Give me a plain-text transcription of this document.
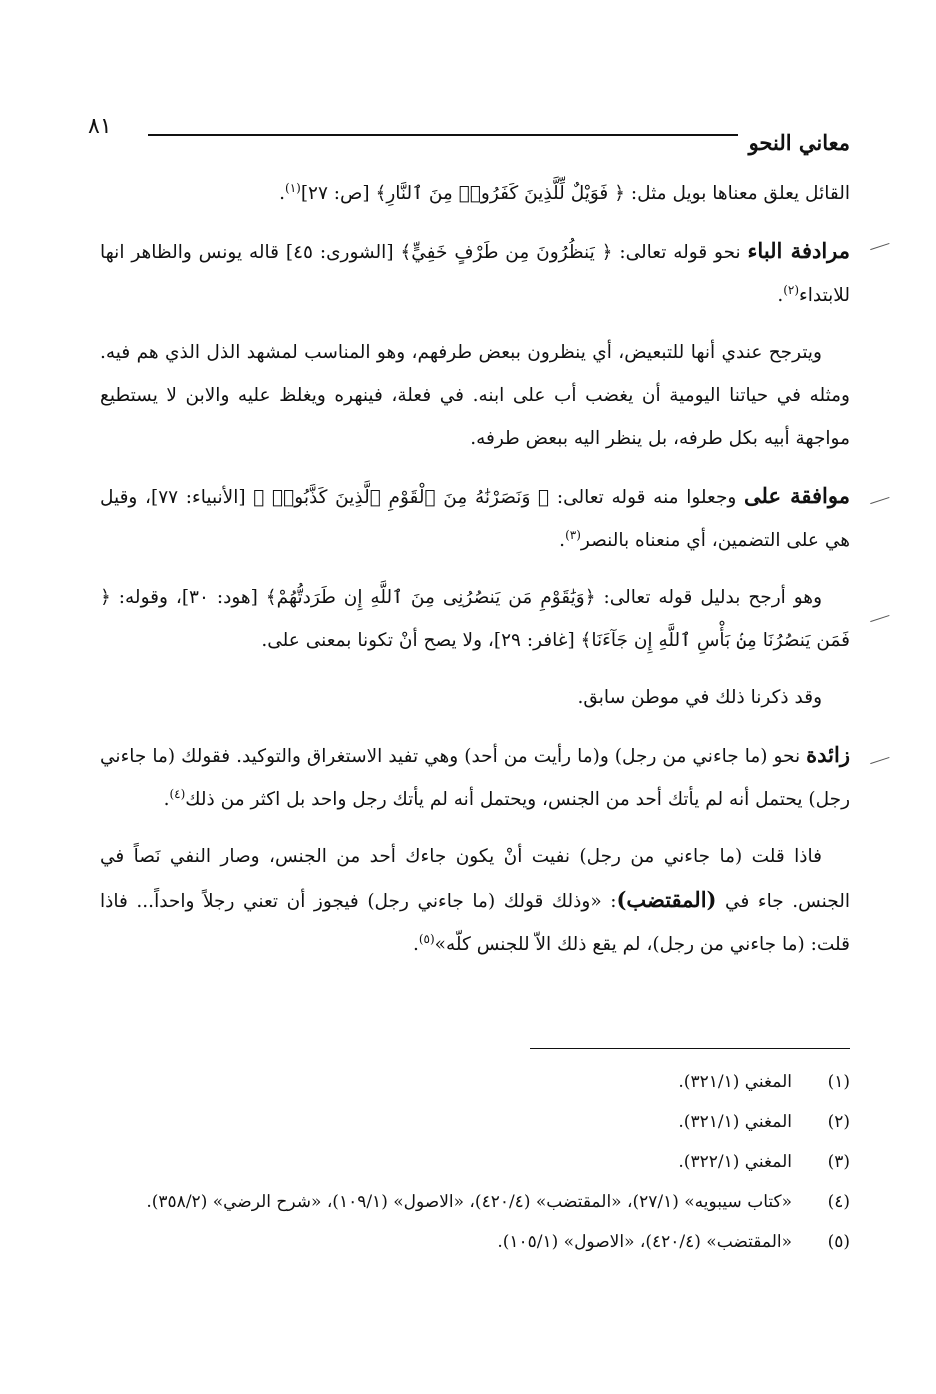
معاني النحو
٨١

القائل يعلق معناها بويل مثل: ﴿ فَوَيْلٌ لِّلَّذِينَ كَفَرُوا۟ مِنَ ٱلنَّارِ﴾ [ص: ٢٧]$^{(١)}$.

مرادفة الباء نحو قوله تعالى: ﴿ يَنظُرُونَ مِن طَرْفٍ خَفِيٍّ﴾ [الشورى: ٤٥] قاله يونس والظاهر انها للابتداء$^{(٢)}$.

ويترجح عندي أنها للتبعيض، أي ينظرون ببعض طرفهم، وهو المناسب لمشهد الذل الذي هم فيه. ومثله في حياتنا اليومية أن يغضب أب على ابنه. في فعلة، فينهره ويغلظ عليه والابن لا يستطيع مواجهة أبيه بكل طرفه، بل ينظر اليه ببعض طرفه.

موافقة على وجعلوا منه قوله تعالى: ﴿ وَنَصَرْنَٰهُ مِنَ ٱلْقَوْمِ ٱلَّذِينَ كَذَّبُوا۟ ﴾ [الأنبياء: ٧٧]، وقيل هي على التضمين، أي منعناه بالنصر$^{(٣)}$.

وهو أرجح بدليل قوله تعالى: ﴿وَيَٰقَوْمِ مَن يَنصُرُنِى مِنَ ٱللَّهِ إِن طَرَدتُّهُمْ﴾ [هود: ٣٠]، وقوله: ﴿ فَمَن يَنصُرُنَا مِنۢ بَأْسِ ٱللَّهِ إِن جَآءَنَا﴾ [غافر: ٢٩]، ولا يصح أنْ تكونا بمعنى على.

وقد ذكرنا ذلك في موطن سابق.

زائدة نحو (ما جاءني من رجل) و(ما رأيت من أحد) وهي تفيد الاستغراق والتوكيد. فقولك (ما جاءني رجل) يحتمل أنه لم يأتك أحد من الجنس، ويحتمل أنه لم يأتك رجل واحد بل اكثر من ذلك$^{(٤)}$.

فاذا قلت (ما جاءني من رجل) نفيت أنْ يكون جاءك أحد من الجنس، وصار النفي نَصاً في الجنس. جاء في (المقتضب): «وذلك قولك (ما جاءني رجل) فيجوز أن تعني رجلاً واحداً... فاذا قلت: (ما جاءني من رجل)، لم يقع ذلك الاّ للجنس كلّه»$^{(٥)}$.

(١)
المغني (٣٢١/١).
(٢)
المغني (٣٢١/١).
(٣)
المغني (٣٢٢/١).
(٤)
«كتاب سيبويه» (٢٧/١)، «المقتضب» (٤٢٠/٤)، «الاصول» (١٠٩/١)، «شرح الرضي» (٣٥٨/٢).
(٥)
«المقتضب» (٤٢٠/٤)، «الاصول» (١٠٥/١).
